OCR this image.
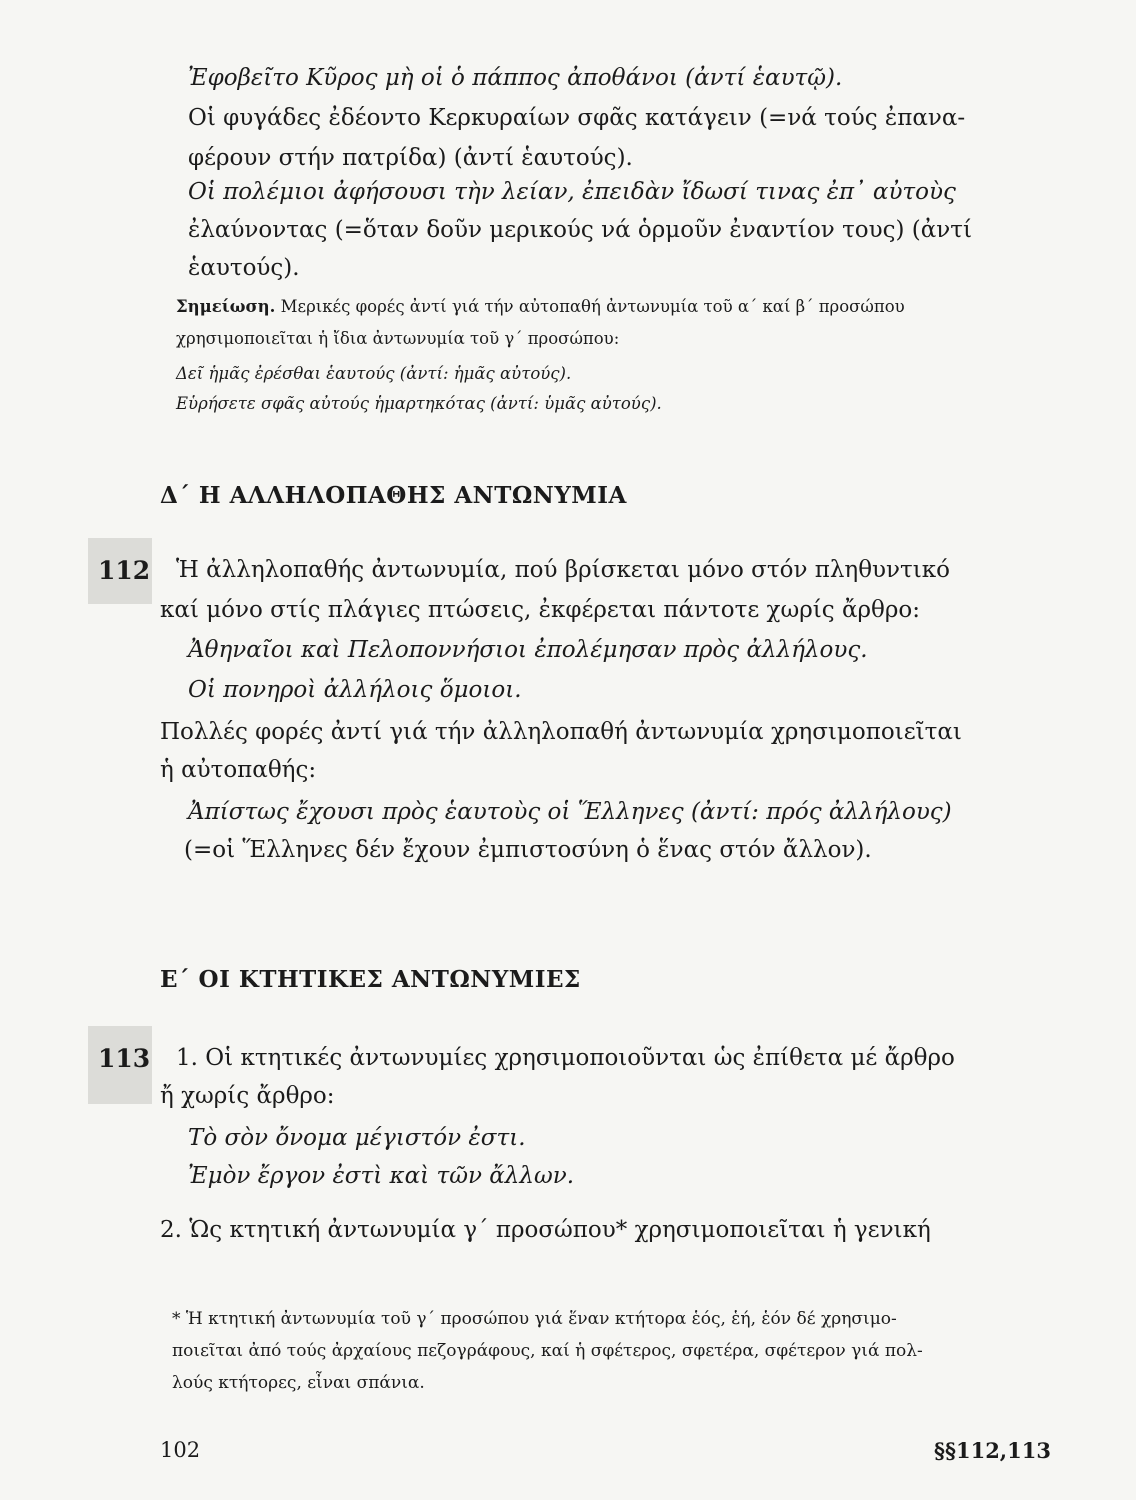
Ἐφοβεῖτο Κῦρος μὴ οἱ ὁ πάππος ἀποθάνοι (ἀντί ἑαυτῷ).
Οἱ φυγάδες ἐδέοντο Κερκυραίων σφᾶς κατάγειν (=νά τούς ἐπανα-
φέρουν στήν πατρίδα) (ἀντί ἑαυτούς).
Οἱ πολέμιοι ἀφήσουσι τὴν λείαν, ἐπειδὰν ἴδωσί τινας ἐπ᾽ αὐτοὺς
ἐλαύνοντας (=ὅταν δοῦν μερικούς νά ὁρμοῦν ἐναντίον τους) (ἀντί
ἑαυτούς).
Σημείωση. Μερικές φορές ἀντί γιά τήν αὐτοπαθή ἀντωνυμία τοῦ α΄ καί β΄ προσώπου
χρησιμοποιεῖται ἡ ἴδια ἀντωνυμία τοῦ γ΄ προσώπου:
Δεῖ ἡμᾶς ἐρέσθαι ἑαυτούς (ἀντί: ἡμᾶς αὐτούς).
Εὑρήσετε σφᾶς αὐτούς ἡμαρτηκότας (ἀντί: ὑμᾶς αὐτούς).
Δ΄ Η ΑΛΛΗΛΟΠΑΘΗΣ ΑΝΤΩΝΥΜΙΑ
112 Ἡ ἀλληλοπαθής ἀντωνυμία, πού βρίσκεται μόνο στόν πληθυντικό
καί μόνο στίς πλάγιες πτώσεις, ἐκφέρεται πάντοτε χωρίς ἄρθρο:
Ἀθηναῖοι καὶ Πελοποννήσιοι ἐπολέμησαν πρὸς ἀλλήλους.
Οἱ πονηροὶ ἀλλήλοις ὅμοιοι.
Πολλές φορές ἀντί γιά τήν ἀλληλοπαθή ἀντωνυμία χρησιμοποιεῖται
ἡ αὐτοπαθής:
Ἀπίστως ἔχουσι πρὸς ἑαυτοὺς οἱ Ἕλληνες (ἀντί: πρός ἀλλήλους)
(=οἱ Ἕλληνες δέν ἔχουν ἐμπιστοσύνη ὁ ἕνας στόν ἄλλον).
Ε΄ ΟΙ ΚΤΗΤΙΚΕΣ ΑΝΤΩΝΥΜΙΕΣ
113 1. Οἱ κτητικές ἀντωνυμίες χρησιμοποιοῦνται ὡς ἐπίθετα μέ ἄρθρο
ἤ χωρίς ἄρθρο:
Τὸ σὸν ὄνομα μέγιστόν ἐστι.
Ἐμὸν ἔργον ἐστὶ καὶ τῶν ἄλλων.
2. Ὡς κτητική ἀντωνυμία γ΄ προσώπου* χρησιμοποιεῖται ἡ γενική
* Ἡ κτητική ἀντωνυμία τοῦ γ΄ προσώπου γιά ἕναν κτήτορα ἑός, ἑή, ἑόν δέ χρησιμο-
ποιεῖται ἀπό τούς ἀρχαίους πεζογράφους, καί ἡ σφέτερος, σφετέρα, σφέτερον γιά πολ-
λούς κτήτορες, εἶναι σπάνια.
102	§§112,113
